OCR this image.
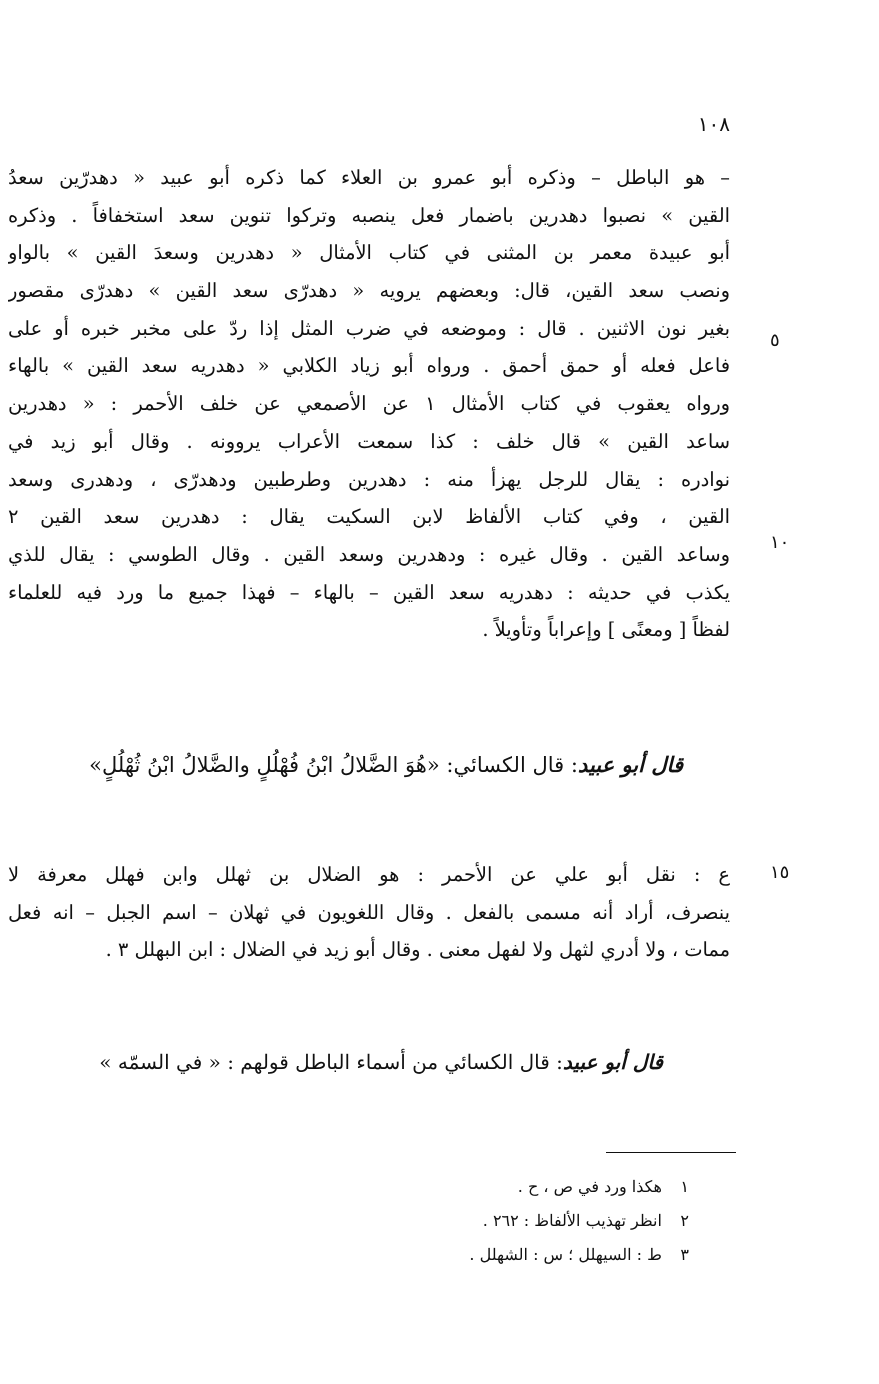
١٠٨
٥
١٠
١٥
– هو الباطل – وذكره أبو عمرو بن العلاء كما ذكره أبو عبيد « دهدرّين سعدُ
القين » نصبوا دهدرين باضمار فعل ينصبه وتركوا تنوين سعد استخفافاً . وذكره
أبو عبيدة معمر بن المثنى في كتاب الأمثال « دهدرين وسعدَ القين » بالواو
ونصب سعد القين، قال: وبعضهم يرويه « دهدرّى سعد القين » دهدرّى مقصور
بغير نون الاثنين . قال : وموضعه في ضرب المثل إذا ردّ على مخبر خبره أو على
فاعل فعله أو حمق أحمق . ورواه أبو زياد الكلابي « دهدريه سعد القين » بالهاء
ورواه يعقوب في كتاب الأمثال ١ عن الأصمعي عن خلف الأحمر : « دهدرين
ساعد القين » قال خلف : كذا سمعت الأعراب يروونه . وقال أبو زيد في
نوادره : يقال للرجل يهزأ منه : دهدرين وطرطبين ودهدرّى ، ودهدرى وسعد
القين ، وفي كتاب الألفاظ لابن السكيت يقال : دهدرين سعد القين ٢
وساعد القين . وقال غيره : ودهدرين وسعد القين . وقال الطوسي : يقال للذي
يكذب في حديثه : دهدريه سعد القين – بالهاء – فهذا جميع ما ورد فيه للعلماء
لفظاً [ ومعنًى ] وإعراباً وتأويلاً .
قال أبو عبيد: قال الكسائي: «هُوَ الضَّلالُ ابْنُ فُهْلُلٍ والضَّلالُ ابْنُ ثُهْلُلٍ»
ع : نقل أبو علي عن الأحمر : هو الضلال بن ثهلل وابن فهلل معرفة لا
ينصرف، أراد أنه مسمى بالفعل . وقال اللغويون في ثهلان – اسم الجبل – انه فعل
ممات ، ولا أدري لثهل ولا لفهل معنى . وقال أبو زيد في الضلال : ابن البهلل ٣ .
قال أبو عبيد: قال الكسائي من أسماء الباطل قولهم : « في السمّه »
١ هكذا ورد في ص ، ح .
٢ انظر تهذيب الألفاظ : ٢٦٢ .
٣ ط : السيهلل ؛ س : الشهلل .
